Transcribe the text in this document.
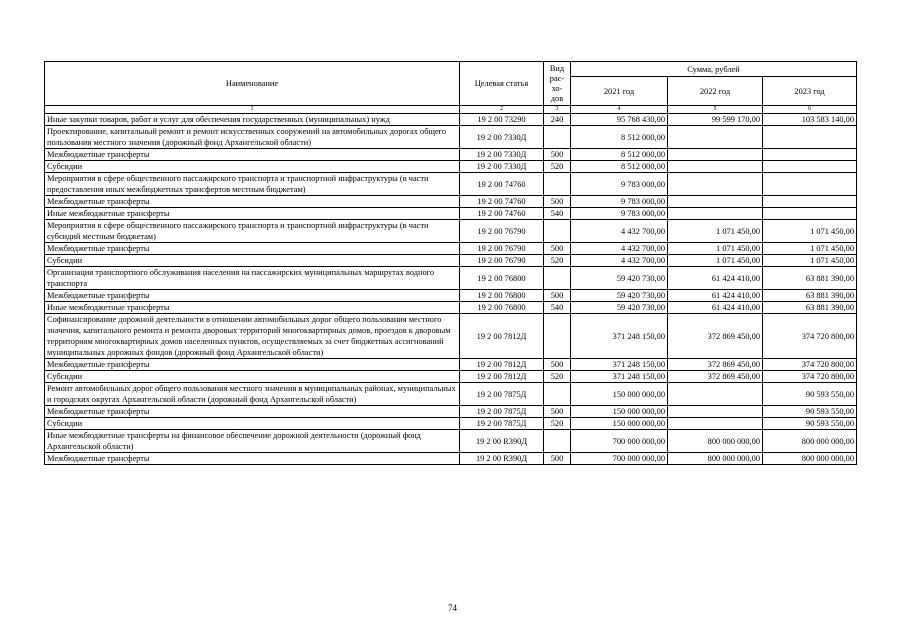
Наименование	Целевая статья	Вид рас-хо-дов	Сумма, рублей		
			2021 год	2022 год	2023 год
1	2	3	4	5	6
Иные закупки товаров, работ и услуг для обеспечения государственных (муниципальных) нужд	19 2 00 73290	240	95 768 430,00	99 599 170,00	103 583 140,00
Проектирование, капитальный ремонт и ремонт искусственных сооружений на автомобильных дорогах общего пользования местного значения (дорожный фонд Архангельской области)	19 2 00 7330Д		8 512 000,00		
Межбюджетные трансферты	19 2 00 7330Д	500	8 512 000,00		
Субсидии	19 2 00 7330Д	520	8 512 000,00		
Мероприятия в сфере общественного пассажирского транспорта и транспортной инфраструктуры (в части предоставления иных межбюджетных трансфертов местным бюджетам)	19 2 00 74760		9 783 000,00		
Межбюджетные трансферты	19 2 00 74760	500	9 783 000,00		
Иные межбюджетные трансферты	19 2 00 74760	540	9 783 000,00		
Мероприятия в сфере общественного пассажирского транспорта и транспортной инфраструктуры (в части субсидий местным бюджетам)	19 2 00 76790		4 432 700,00	1 071 450,00	1 071 450,00
Межбюджетные трансферты	19 2 00 76790	500	4 432 700,00	1 071 450,00	1 071 450,00
Субсидии	19 2 00 76790	520	4 432 700,00	1 071 450,00	1 071 450,00
Организация транспортного обслуживания населения на пассажирских муниципальных маршрутах водного транспорта	19 2 00 76800		59 420 730,00	61 424 410,00	63 881 390,00
Межбюджетные трансферты	19 2 00 76800	500	59 420 730,00	61 424 410,00	63 881 390,00
Иные межбюджетные трансферты	19 2 00 76800	540	59 420 730,00	61 424 410,00	63 881 390,00
Софинансирование дорожной деятельности в отношении автомобильных дорог общего пользования местного значения, капитального ремонта и ремонта дворовых территорий многоквартирных домов, проездов к дворовым территориям многоквартирных домов населенных пунктов, осуществляемых за счет бюджетных ассигнований муниципальных дорожных фондов (дорожный фонд Архангельской области)	19 2 00 7812Д		371 248 150,00	372 869 450,00	374 720 800,00
Межбюджетные трансферты	19 2 00 7812Д	500	371 248 150,00	372 869 450,00	374 720 800,00
Субсидии	19 2 00 7812Д	520	371 248 150,00	372 869 450,00	374 720 800,00
Ремонт автомобильных дорог общего пользования местного значения в муниципальных районах, муниципальных и городских округах Архангельской области (дорожный фонд Архангельской области)	19 2 00 7875Д		150 000 000,00		90 593 550,00
Межбюджетные трансферты	19 2 00 7875Д	500	150 000 000,00		90 593 550,00
Субсидии	19 2 00 7875Д	520	150 000 000,00		90 593 550,00
Иные межбюджетные трансферты на финансовое обеспечение дорожной деятельности (дорожный фонд Архангельской области)	19 2 00 R390Д		700 000 000,00	800 000 000,00	800 000 000,00
Межбюджетные трансферты	19 2 00 R390Д	500	700 000 000,00	800 000 000,00	800 000 000,00
74
